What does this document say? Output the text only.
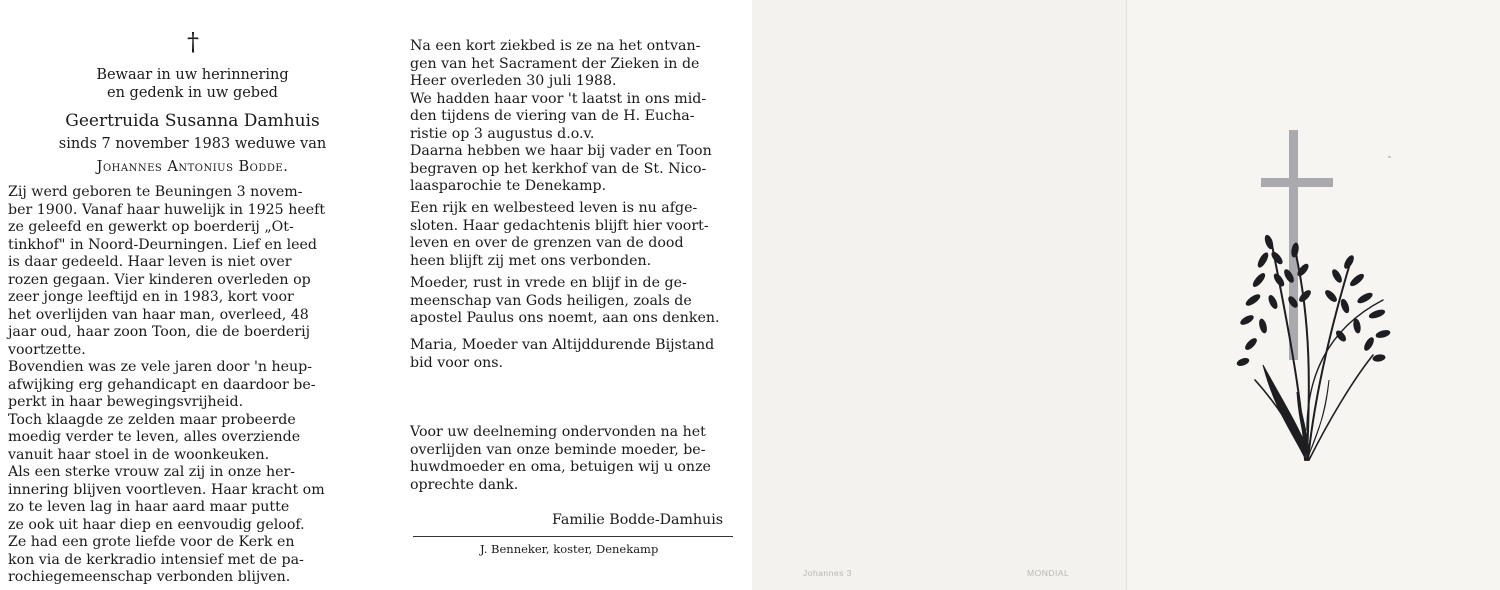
†
Bewaar in uw herinnering
en gedenk in uw gebed
Geertruida Susanna Damhuis
sinds 7 november 1983 weduwe van
Johannes Antonius Bodde.
Zij werd geboren te Beuningen 3 novem-
ber 1900. Vanaf haar huwelijk in 1925 heeft
ze geleefd en gewerkt op boerderij „Ot-
tinkhof" in Noord-Deurningen. Lief en leed
is daar gedeeld. Haar leven is niet over
rozen gegaan. Vier kinderen overleden op
zeer jonge leeftijd en in 1983, kort voor
het overlijden van haar man, overleed, 48
jaar oud, haar zoon Toon, die de boerderij
voortzette.
Bovendien was ze vele jaren door 'n heup-
afwijking erg gehandicapt en daardoor be-
perkt in haar bewegingsvrijheid.
Toch klaagde ze zelden maar probeerde
moedig verder te leven, alles overziende
vanuit haar stoel in de woonkeuken.
Als een sterke vrouw zal zij in onze her-
innering blijven voortleven. Haar kracht om
zo te leven lag in haar aard maar putte
ze ook uit haar diep en eenvoudig geloof.
Ze had een grote liefde voor de Kerk en
kon via de kerkradio intensief met de pa-
rochiegemeenschap verbonden blijven.
Na een kort ziekbed is ze na het ontvan-
gen van het Sacrament der Zieken in de
Heer overleden 30 juli 1988.
We hadden haar voor 't laatst in ons mid-
den tijdens de viering van de H. Eucha-
ristie op 3 augustus d.o.v.
Daarna hebben we haar bij vader en Toon
begraven op het kerkhof van de St. Nico-
laasparochie te Denekamp.
Een rijk en welbesteed leven is nu afge-
sloten. Haar gedachtenis blijft hier voort-
leven en over de grenzen van de dood
heen blijft zij met ons verbonden.
Moeder, rust in vrede en blijf in de ge-
meenschap van Gods heiligen, zoals de
apostel Paulus ons noemt, aan ons denken.
Maria, Moeder van Altijddurende Bijstand
bid voor ons.
Voor uw deelneming ondervonden na het
overlijden van onze beminde moeder, be-
huwdmoeder en oma, betuigen wij u onze
oprechte dank.
Familie Bodde-Damhuis
J. Benneker, koster, Denekamp
Johannes 3	MONDIAL
